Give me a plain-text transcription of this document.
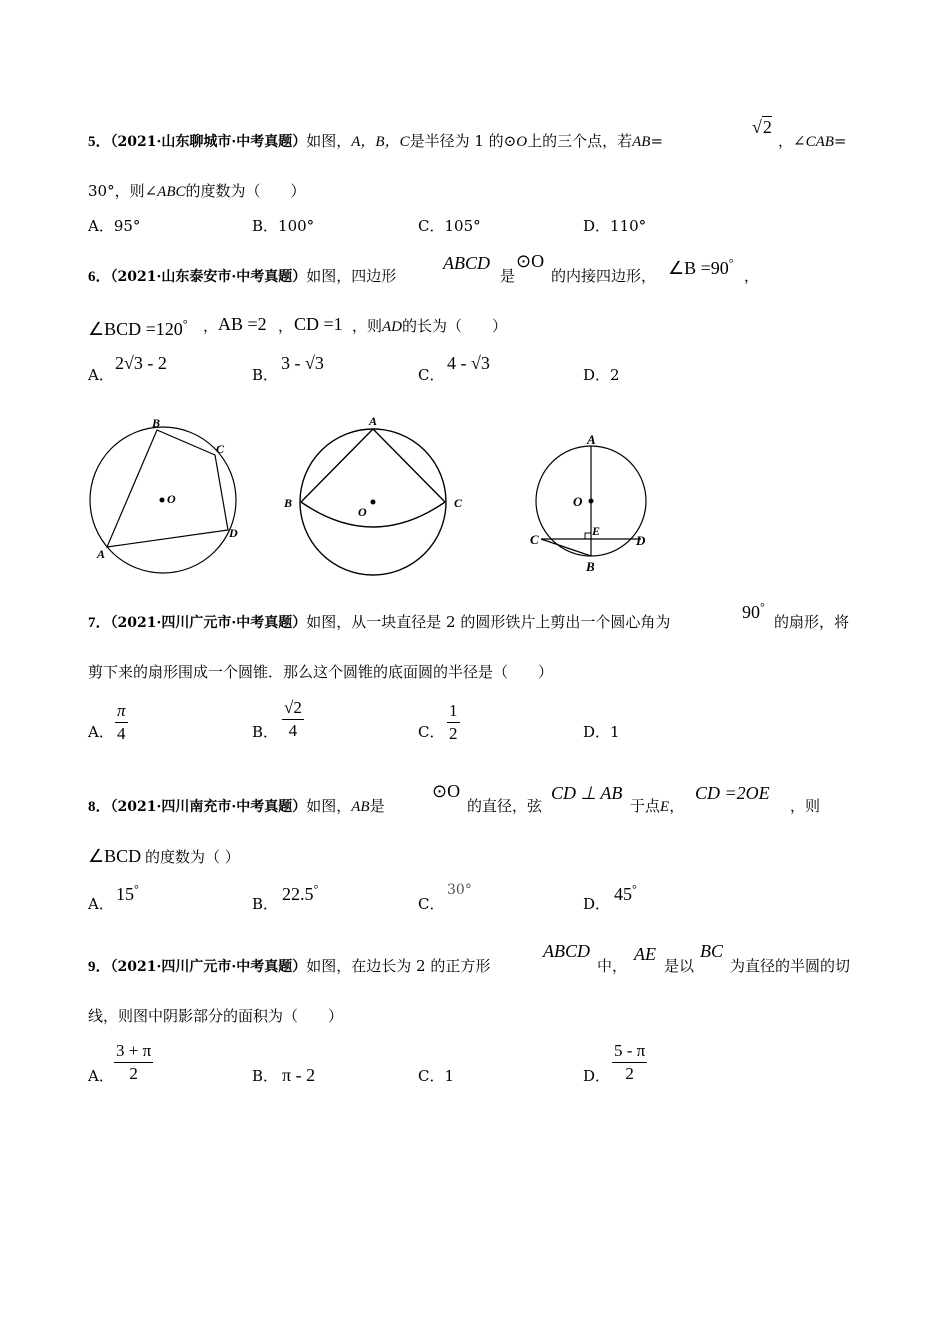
5．（2021·山东聊城市·中考真题）如图，A，B，C是半径为 1 的⊙O上的三个点，若AB=
√2
，∠CAB=
30°，则∠ABC的度数为（　　）
A．95°	B．100°	C．105°	D．110°
6．（2021·山东泰安市·中考真题）如图，四边形
ABCD
是
⊙O
的内接四边形， ∠B =90°
，
∠BCD =120° ， AB =2 ， CD =1 ，则AD的长为（　　）
A．
2√3 - 2
B．
3 - √3
C．
4 - √3
D．2
B
C
O
D
A
A
B	C
O
A
O
E
C	D
B
7．（2021·四川广元市·中考真题）如图，从一块直径是 2 的圆形铁片上剪出一个圆心角为	90°
的扇形，将
剪下来的扇形围成一个圆锥．那么这个圆锥的底面圆的半径是（　　）
A． $\frac{\pi}{4}$	B． $\frac{√2}{4}$	C． $\frac{1}{2}$	D．1
8．（2021·四川南充市·中考真题）如图，AB是
⊙O
的直径，弦
CD ⊥ AB
于点E，
CD =2OE
，则
∠BCD 的度数为（ ）
A． 15°
B． 22.5°
C．
30°
D． 45°
9．（2021·四川广元市·中考真题）如图，在边长为 2 的正方形
ABCD
中，
AE
是以
BC
为直径的半圆的切
线，则图中阴影部分的面积为（　　）
A． $\frac{3 + \pi}{2}$	B． π - 2	C．1	D． $\frac{5 - \pi}{2}$
